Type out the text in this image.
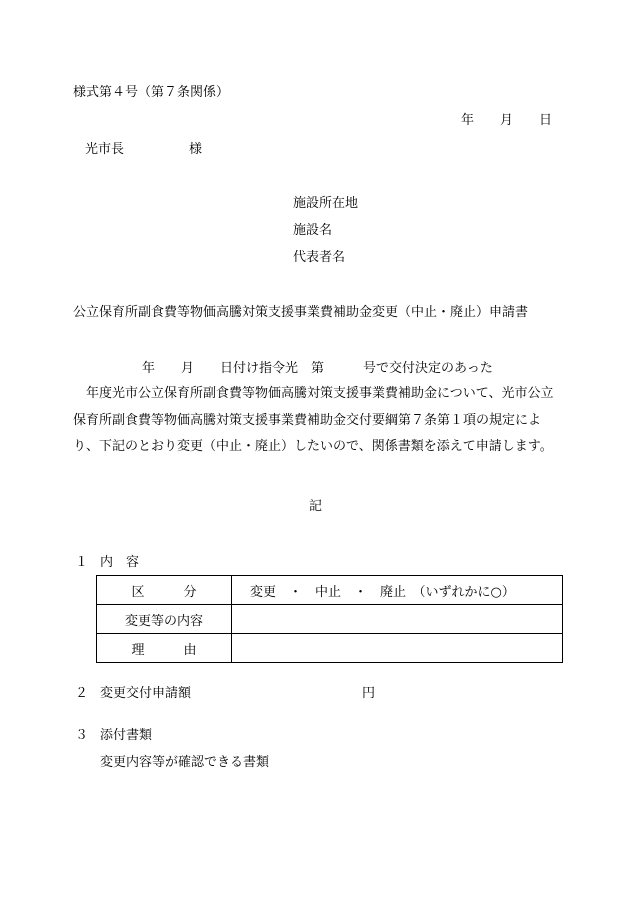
様式第４号（第７条関係）
年　　月　　日
光市長　　　　　様
施設所在地
施設名
代表者名
公立保育所副食費等物価高騰対策支援事業費補助金変更（中止・廃止）申請書
年　　月　　日付け指令光　第　　　号で交付決定のあった
　年度光市公立保育所副食費等物価高騰対策支援事業費補助金について、光市公立保育所副食費等物価高騰対策支援事業費補助金交付要綱第７条第１項の規定により、下記のとおり変更（中止・廃止）したいので、関係書類を添えて申請します。
記
１ 内　容
区　　　分	変更　・　中止　・　廃止　（いずれかに○）
変更等の内容	
理　　　由	
２ 変更交付申請額	円
３ 添付書類
変更内容等が確認できる書類
